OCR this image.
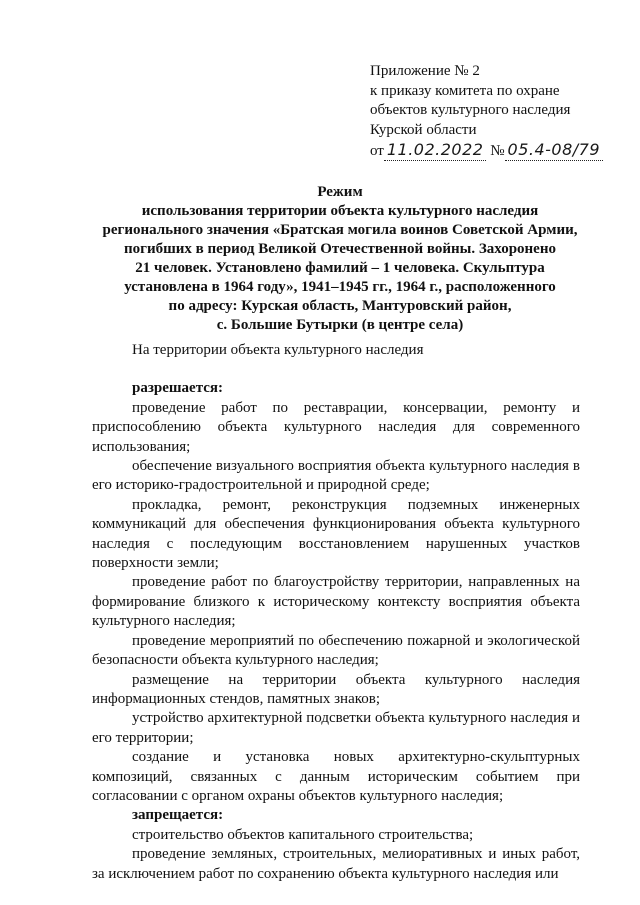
Приложение № 2
к приказу комитета по охране
объектов культурного наследия
Курской области
от 11.02.2022 № 05.4-08/79
Режим
использования территории объекта культурного наследия
регионального значения «Братская могила воинов Советской Армии,
погибших в период Великой Отечественной войны. Захоронено
21 человек. Установлено фамилий – 1 человека. Скульптура
установлена в 1964 году», 1941–1945 гг., 1964 г., расположенного
по адресу: Курская область, Мантуровский район,
с. Большие Бутырки (в центре села)

На территории объекта культурного наследия

разрешается:

проведение работ по реставрации, консервации, ремонту и приспособлению объекта культурного наследия для современного использования;

обеспечение визуального восприятия объекта культурного наследия в его историко-градостроительной и природной среде;

прокладка, ремонт, реконструкция подземных инженерных коммуникаций для обеспечения функционирования объекта культурного наследия с последующим восстановлением нарушенных участков поверхности земли;

проведение работ по благоустройству территории, направленных на формирование близкого к историческому контексту восприятия объекта культурного наследия;

проведение мероприятий по обеспечению пожарной и экологической безопасности объекта культурного наследия;

размещение на территории объекта культурного наследия информационных стендов, памятных знаков;

устройство архитектурной подсветки объекта культурного наследия и его территории;

создание и установка новых архитектурно-скульптурных композиций, связанных с данным историческим событием при согласовании с органом охраны объектов культурного наследия;

запрещается:

строительство объектов капитального строительства;

проведение земляных, строительных, мелиоративных и иных работ, за исключением работ по сохранению объекта культурного наследия или
